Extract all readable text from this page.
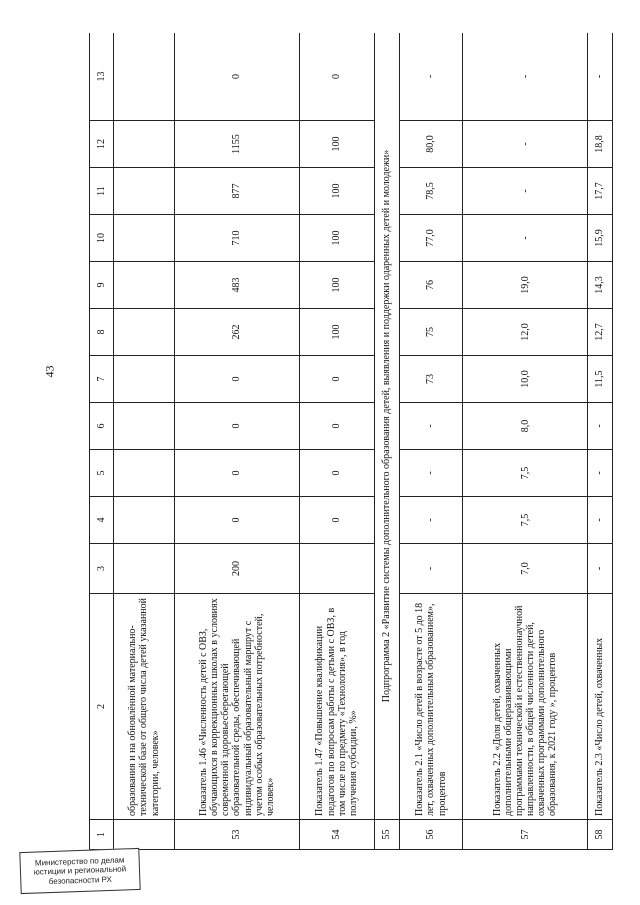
43
1	2	3	4	5	6	7	8	9	10	11	12	13
	образования и на обновлённой материально-технической базе от общего числа детей указанной категории, человек»											
53	Показатель 1.46 «Численность детей с ОВЗ, обучающихся в коррекционных школах в условиях современной здоровьесберегающей образовательной среды, обеспечивающей индивидуальный образовательный маршрут с учетом особых образовательных потребностей, человек»	200	0	0	0	0	262	483	710	877	1155	0
54	Показатель 1.47 «Повышение квалификации педагогов по вопросам работы с детьми с ОВЗ, в том числе по предмету «Технология», в год получения субсидии, %»		0	0	0	0	100	100	100	100	100	0
55	Подпрограмма 2 «Развитие системы дополнительного образования детей, выявления и поддержки одаренных детей и молодежи»											
56	Показатель 2.1 «Число детей в возрасте от 5 до 18 лет, охваченных дополнительным образованием», процентов	-	-	-	-	73	75	76	77,0	78,5	80,0	-
57	Показатель 2.2 «Доля детей, охваченных дополнительными общеразвивающими программами технической и естественнонаучной направленности, в общей численности детей, охваченных программами дополнительного образования, к 2021 году », процентов	7,0	7,5	7,5	8,0	10,0	12,0	19,0	-	-	-	-
58	Показатель 2.3 «Число детей, охваченных	-	-	-	-	11,5	12,7	14,3	15,9	17,7	18,8	-
Министерство по делам
юстиции и региональной
безопасности РХ
